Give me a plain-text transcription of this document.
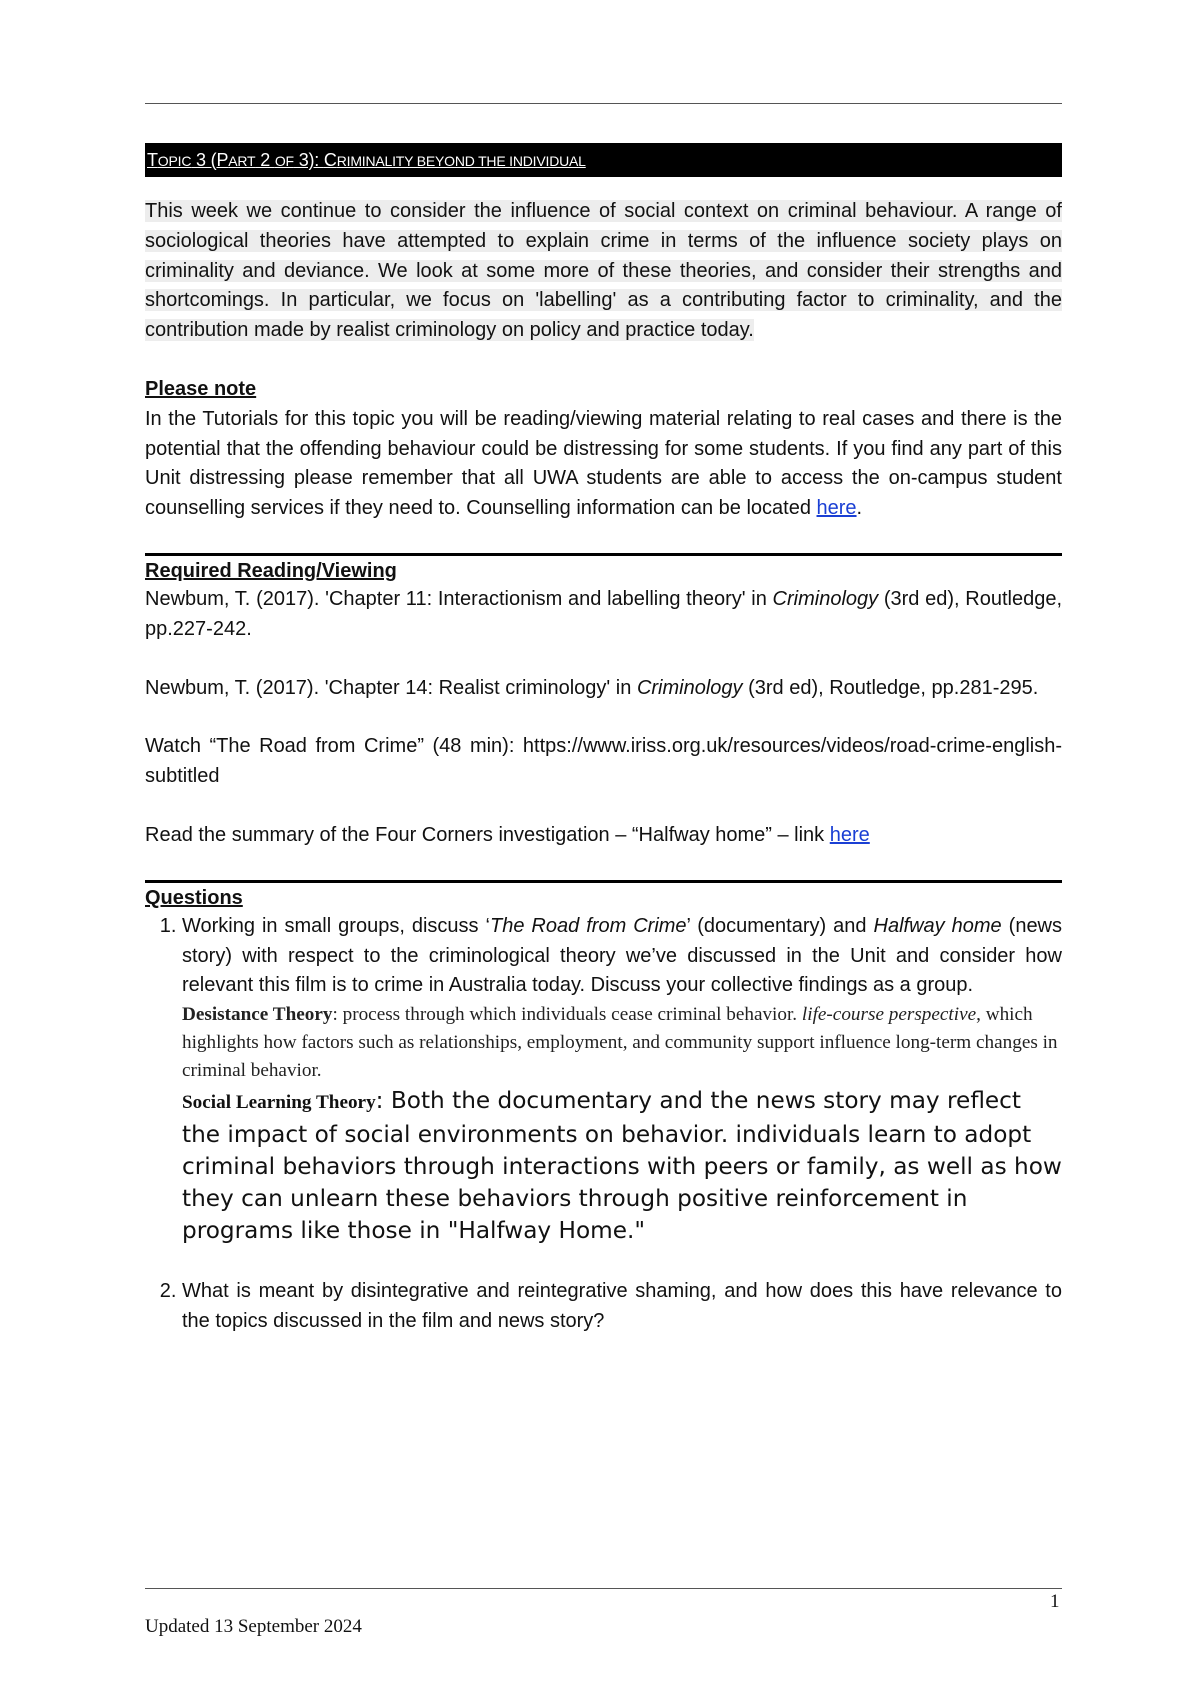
TOPIC 3 (PART 2 OF 3): CRIMINALITY BEYOND THE INDIVIDUAL
This week we continue to consider the influence of social context on criminal behaviour. A range of sociological theories have attempted to explain crime in terms of the influence society plays on criminality and deviance. We look at some more of these theories, and consider their strengths and shortcomings. In particular, we focus on 'labelling' as a contributing factor to criminality, and the contribution made by realist criminology on policy and practice today.
Please note
In the Tutorials for this topic you will be reading/viewing material relating to real cases and there is the potential that the offending behaviour could be distressing for some students. If you find any part of this Unit distressing please remember that all UWA students are able to access the on-campus student counselling services if they need to. Counselling information can be located here.
Required Reading/Viewing
Newbum, T. (2017). 'Chapter 11: Interactionism and labelling theory' in Criminology (3rd ed), Routledge, pp.227-242.
Newbum, T. (2017). 'Chapter 14: Realist criminology' in Criminology (3rd ed), Routledge, pp.281-295.
Watch “The Road from Crime” (48 min): https://www.iriss.org.uk/resources/videos/road-crime-english-subtitled
Read the summary of the Four Corners investigation – “Halfway home” – link here
Questions
1. Working in small groups, discuss ‘The Road from Crime’ (documentary) and Halfway home (news story) with respect to the criminological theory we’ve discussed in the Unit and consider how relevant this film is to crime in Australia today. Discuss your collective findings as a group.
Desistance Theory: process through which individuals cease criminal behavior. life-course perspective, which highlights how factors such as relationships, employment, and community support influence long-term changes in criminal behavior.
Social Learning Theory: Both the documentary and the news story may reflect the impact of social environments on behavior. individuals learn to adopt criminal behaviors through interactions with peers or family, as well as how they can unlearn these behaviors through positive reinforcement in programs like those in "Halfway Home."
2. What is meant by disintegrative and reintegrative shaming, and how does this have relevance to the topics discussed in the film and news story?
1
Updated 13 September 2024
